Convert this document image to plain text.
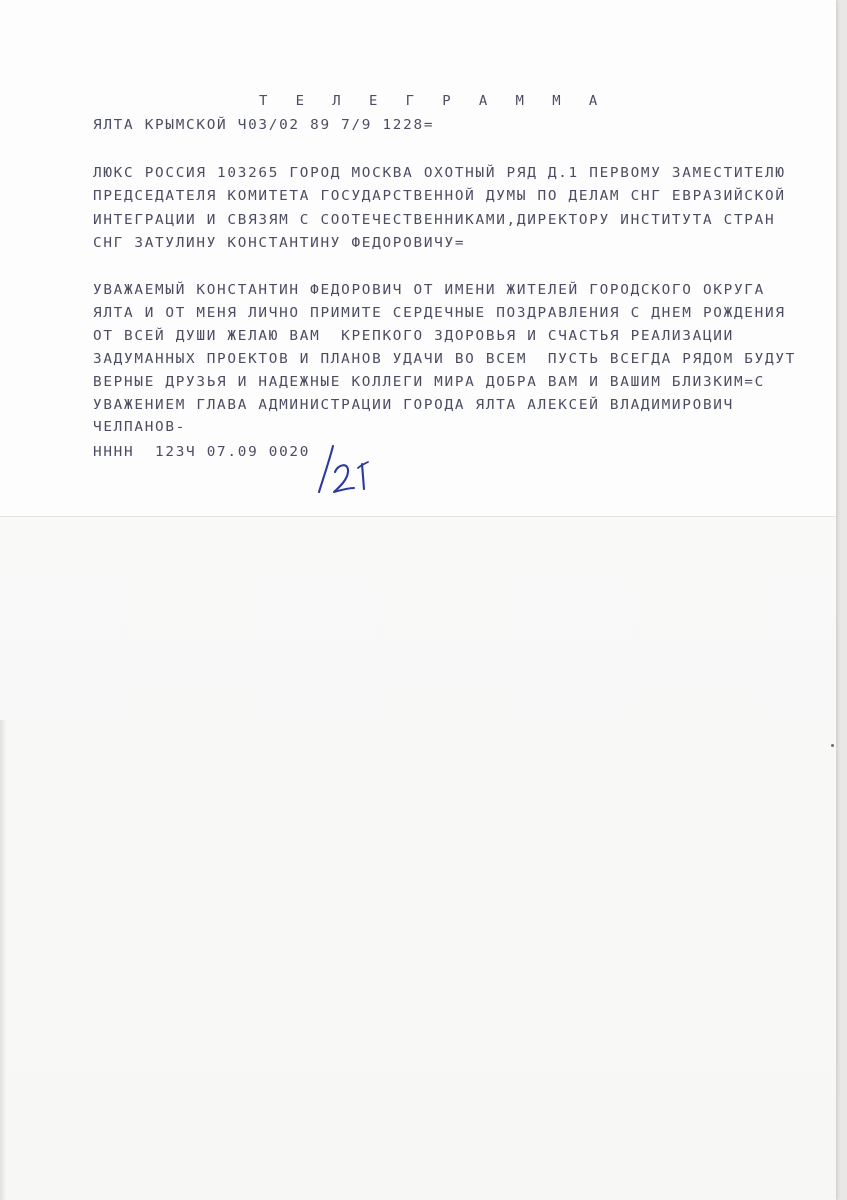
Т Е Л Е Г Р А М М А

ЯЛТА КРЫМСКОЙ Ч03/02 89 7/9 1228=

ЛЮКС РОССИЯ 103265 ГОРОД МОСКВА ОХОТНЫЙ РЯД Д.1 ПЕРВОМУ ЗАМЕСТИТЕЛЮ

ПРЕДСЕДАТЕЛЯ КОМИТЕТА ГОСУДАРСТВЕННОЙ ДУМЫ ПО ДЕЛАМ СНГ ЕВРАЗИЙСКОЙ

ИНТЕГРАЦИИ И СВЯЗЯМ С СООТЕЧЕСТВЕННИКАМИ,ДИРЕКТОРУ ИНСТИТУТА СТРАН

СНГ ЗАТУЛИНУ КОНСТАНТИНУ ФЕДОРОВИЧУ=

УВАЖАЕМЫЙ КОНСТАНТИН ФЕДОРОВИЧ ОТ ИМЕНИ ЖИТЕЛЕЙ ГОРОДСКОГО ОКРУГА

ЯЛТА И ОТ МЕНЯ ЛИЧНО ПРИМИТЕ СЕРДЕЧНЫЕ ПОЗДРАВЛЕНИЯ С ДНЕМ РОЖДЕНИЯ

ОТ ВСЕЙ ДУШИ ЖЕЛАЮ ВАМ  КРЕПКОГО ЗДОРОВЬЯ И СЧАСТЬЯ РЕАЛИЗАЦИИ

ЗАДУМАННЫХ ПРОЕКТОВ И ПЛАНОВ УДАЧИ ВО ВСЕМ  ПУСТЬ ВСЕГДА РЯДОМ БУДУТ

ВЕРНЫЕ ДРУЗЬЯ И НАДЕЖНЫЕ КОЛЛЕГИ МИРА ДОБРА ВАМ И ВАШИМ БЛИЗКИМ=С

УВАЖЕНИЕМ ГЛАВА АДМИНИСТРАЦИИ ГОРОДА ЯЛТА АЛЕКСЕЙ ВЛАДИМИРОВИЧ

ЧЕЛПАНОВ-

НННН  123Ч 07.09 0020
